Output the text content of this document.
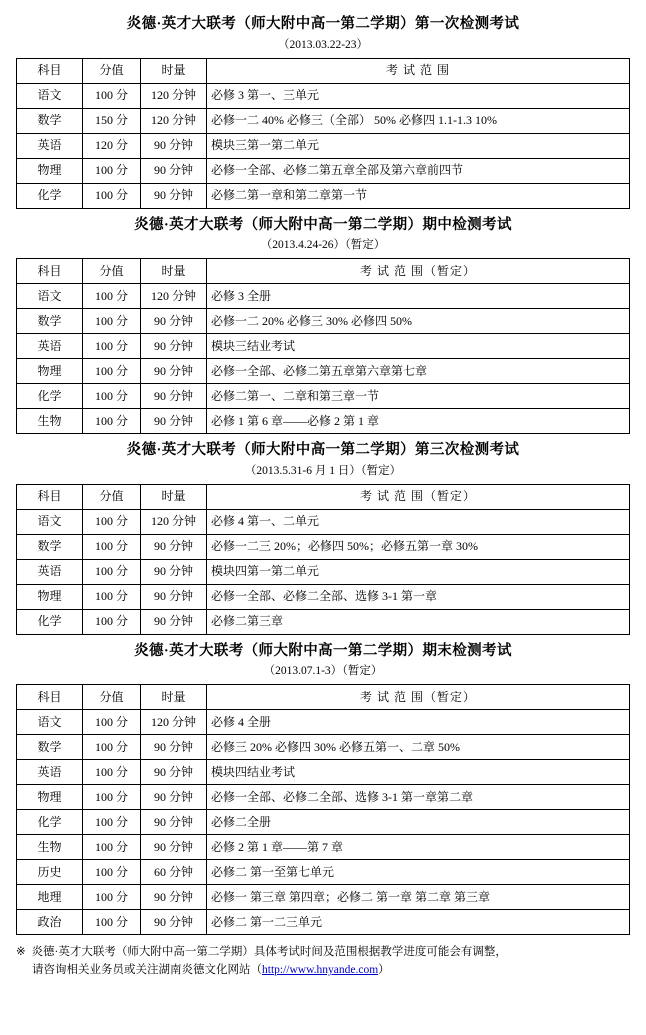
炎德·英才大联考（师大附中高一第二学期）第一次检测考试
（2013.03.22-23）
科目	分值	时量	考 试 范 围
语文	100 分	120 分钟	必修 3 第一、三单元
数学	150 分	120 分钟	必修一二 40% 必修三（全部） 50% 必修四 1.1-1.3 10%
英语	120 分	90 分钟	模块三第一第二单元
物理	100 分	90 分钟	必修一全部、必修二第五章全部及第六章前四节
化学	100 分	90 分钟	必修二第一章和第二章第一节
炎德·英才大联考（师大附中高一第二学期）期中检测考试
（2013.4.24-26）（暂定）
科目	分值	时量	考 试 范 围（暂定）
语文	100 分	120 分钟	必修 3 全册
数学	100 分	90 分钟	必修一二 20% 必修三 30% 必修四 50%
英语	100 分	90 分钟	模块三结业考试
物理	100 分	90 分钟	必修一全部、必修二第五章第六章第七章
化学	100 分	90 分钟	必修二第一、二章和第三章一节
生物	100 分	90 分钟	必修 1 第 6 章——必修 2 第 1 章
炎德·英才大联考（师大附中高一第二学期）第三次检测考试
（2013.5.31-6 月 1 日）（暂定）
科目	分值	时量	考 试 范 围（暂定）
语文	100 分	120 分钟	必修 4 第一、二单元
数学	100 分	90 分钟	必修一二三 20%；必修四 50%；必修五第一章 30%
英语	100 分	90 分钟	模块四第一第二单元
物理	100 分	90 分钟	必修一全部、必修二全部、选修 3-1 第一章
化学	100 分	90 分钟	必修二第三章
炎德·英才大联考（师大附中高一第二学期）期末检测考试
（2013.07.1-3）（暂定）
科目	分值	时量	考 试 范 围（暂定）
语文	100 分	120 分钟	必修 4 全册
数学	100 分	90 分钟	必修三 20% 必修四 30% 必修五第一、二章 50%
英语	100 分	90 分钟	模块四结业考试
物理	100 分	90 分钟	必修一全部、必修二全部、选修 3-1 第一章第二章
化学	100 分	90 分钟	必修二全册
生物	100 分	90 分钟	必修 2 第 1 章——第 7 章
历史	100 分	60 分钟	必修二 第一至第七单元
地理	100 分	90 分钟	必修一 第三章 第四章；必修二 第一章 第二章 第三章
政治	100 分	90 分钟	必修二 第一二三单元
※ 炎德·英才大联考（师大附中高一第二学期）具体考试时间及范围根据教学进度可能会有调整，
请咨询相关业务员或关注湖南炎德文化网站（http://www.hnyande.com）
